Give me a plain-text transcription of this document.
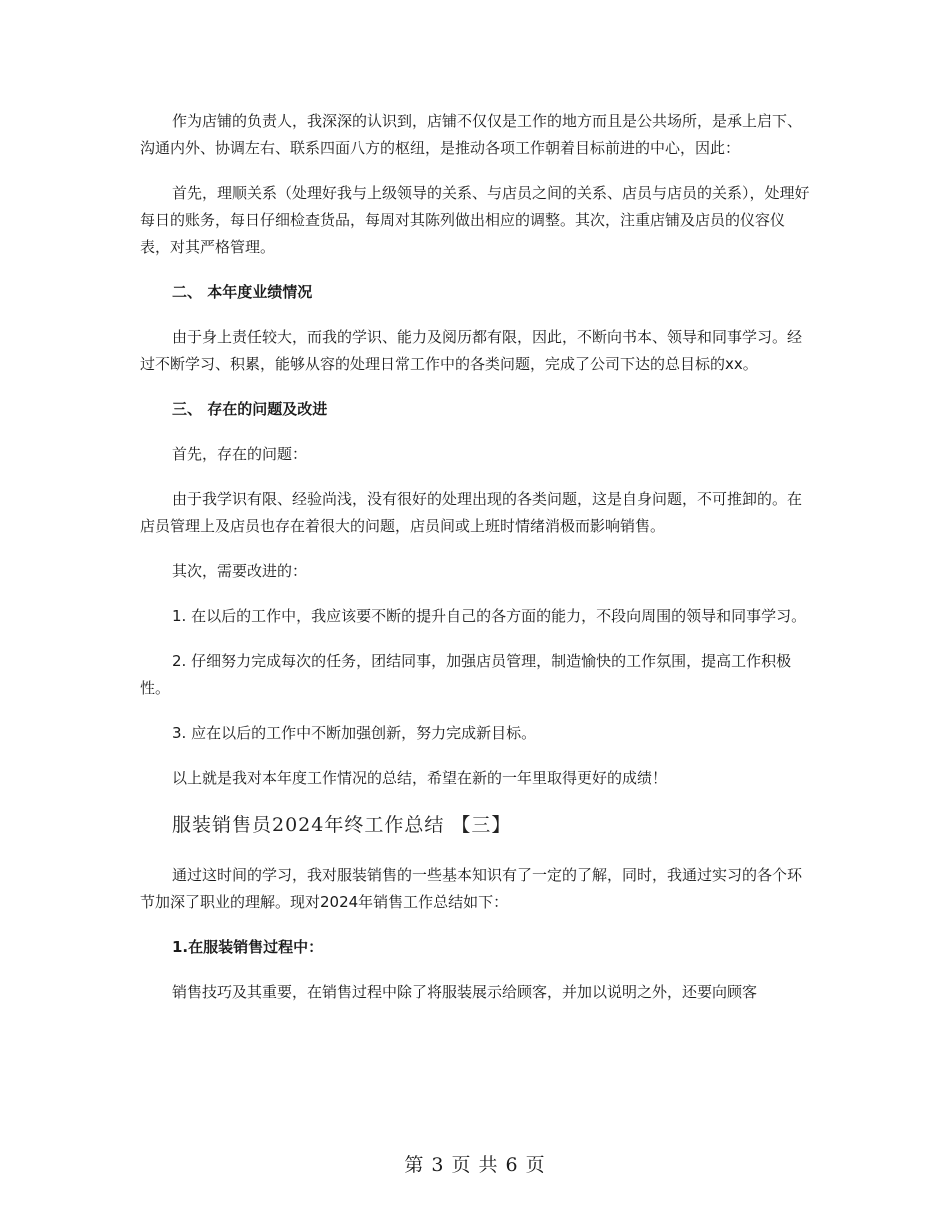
作为店铺的负责人，我深深的认识到，店铺不仅仅是工作的地方而且是公共场所，是承上启下、沟通内外、协调左右、联系四面八方的枢纽，是推动各项工作朝着目标前进的中心，因此：

首先，理顺关系（处理好我与上级领导的关系、与店员之间的关系、店员与店员的关系），处理好每日的账务，每日仔细检查货品，每周对其陈列做出相应的调整。其次，注重店铺及店员的仪容仪表，对其严格管理。

二、 本年度业绩情况

由于身上责任较大，而我的学识、能力及阅历都有限，因此，不断向书本、领导和同事学习。经过不断学习、积累，能够从容的处理日常工作中的各类问题，完成了公司下达的总目标的xx。

三、 存在的问题及改进

首先，存在的问题：

由于我学识有限、经验尚浅，没有很好的处理出现的各类问题，这是自身问题，不可推卸的。在店员管理上及店员也存在着很大的问题，店员间或上班时情绪消极而影响销售。

其次，需要改进的：

1. 在以后的工作中，我应该要不断的提升自己的各方面的能力，不段向周围的领导和同事学习。

2. 仔细努力完成每次的任务，团结同事，加强店员管理，制造愉快的工作氛围，提高工作积极性。

3. 应在以后的工作中不断加强创新，努力完成新目标。

以上就是我对本年度工作情况的总结，希望在新的一年里取得更好的成绩！

服装销售员2024年终工作总结 【三】

通过这时间的学习，我对服装销售的一些基本知识有了一定的了解，同时，我通过实习的各个环节加深了职业的理解。现对2024年销售工作总结如下：

1.在服装销售过程中：

销售技巧及其重要，在销售过程中除了将服装展示给顾客，并加以说明之外，还要向顾客

第 3 页 共 6 页
